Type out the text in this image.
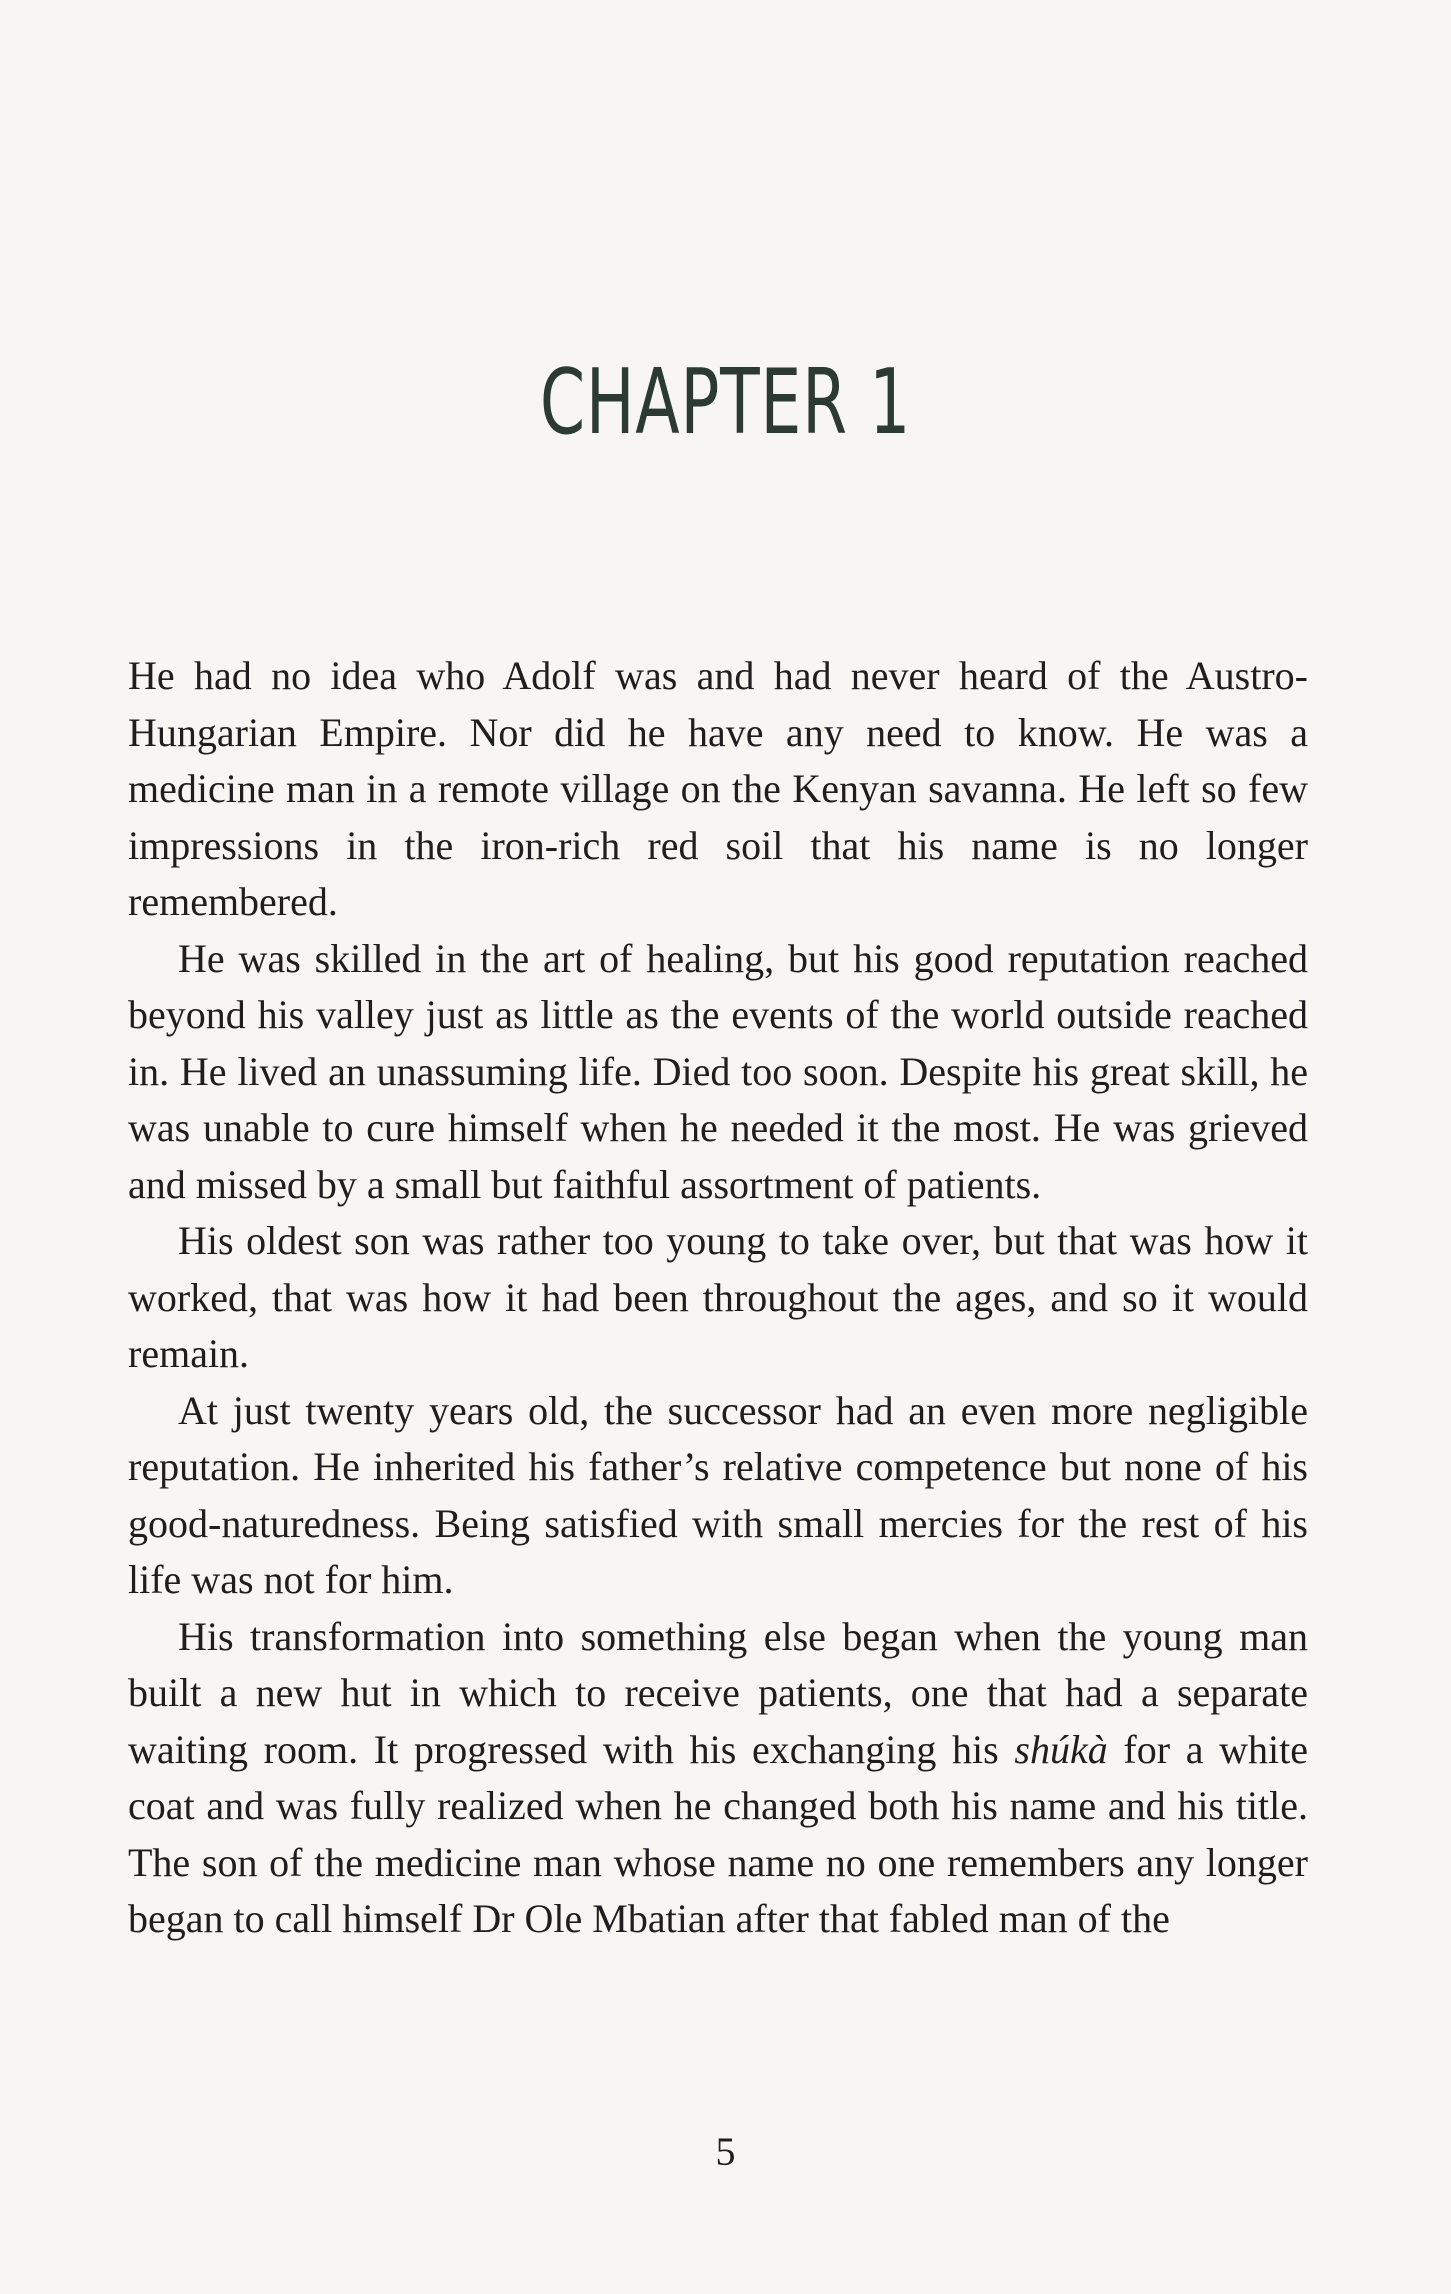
CHAPTER 1

He had no idea who Adolf was and had never heard of the Austro-Hungarian Empire. Nor did he have any need to know. He was a medicine man in a remote village on the Kenyan savanna. He left so few impressions in the iron-rich red soil that his name is no longer remembered.

He was skilled in the art of healing, but his good reputation reached beyond his valley just as little as the events of the world outside reached in. He lived an unassuming life. Died too soon. Despite his great skill, he was unable to cure himself when he needed it the most. He was grieved and missed by a small but faithful assortment of patients.

His oldest son was rather too young to take over, but that was how it worked, that was how it had been throughout the ages, and so it would remain.

At just twenty years old, the successor had an even more negligible reputation. He inherited his father’s relative competence but none of his good-naturedness. Being satisfied with small mercies for the rest of his life was not for him.

His transformation into something else began when the young man built a new hut in which to receive patients, one that had a separate waiting room. It progressed with his exchanging his shúkà for a white coat and was fully realized when he changed both his name and his title. The son of the medicine man whose name no one remembers any longer began to call himself Dr Ole Mbatian after that fabled man of the

5
